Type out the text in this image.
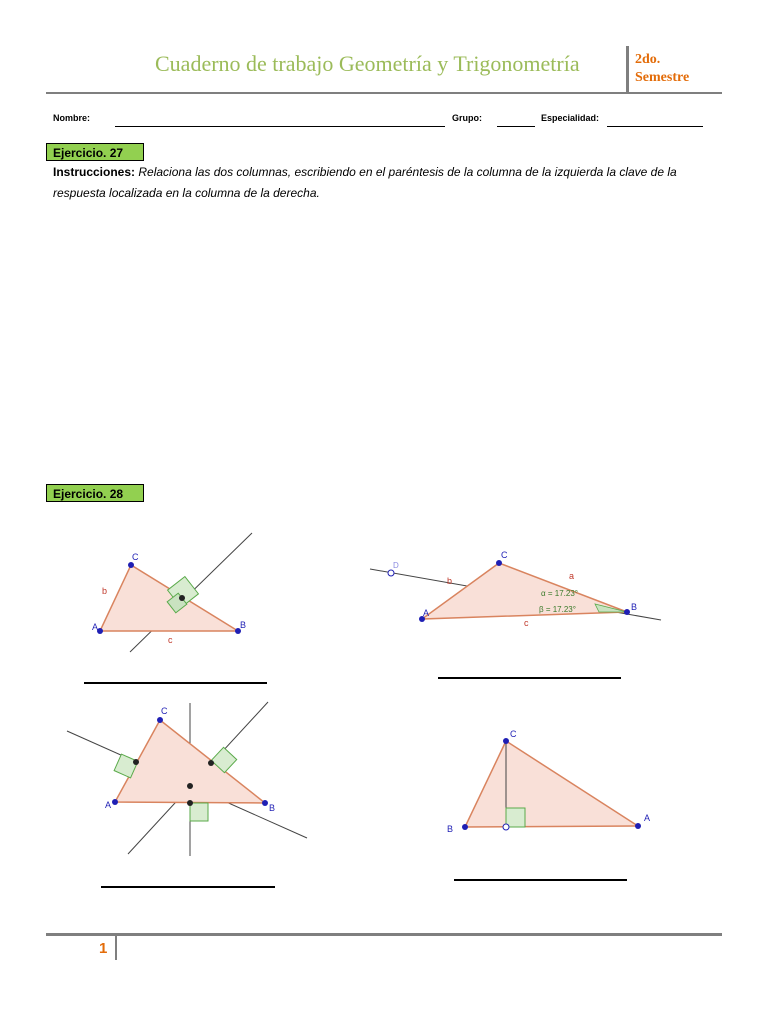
Cuaderno de trabajo Geometría y Trigonometría	2do.
Semestre
Nombre:	Grupo:	Especialidad:
Ejercicio. 27
Instrucciones: Relaciona las dos columnas, escribiendo en el paréntesis de la columna de la izquierda la clave de la respuesta localizada en la columna de la derecha.
Ejercicio. 28
C
b
A
c
B
D
C
b	a
A
α = 17.23°
β = 17.23°	B
c
C
A	B
C
B
A
1
